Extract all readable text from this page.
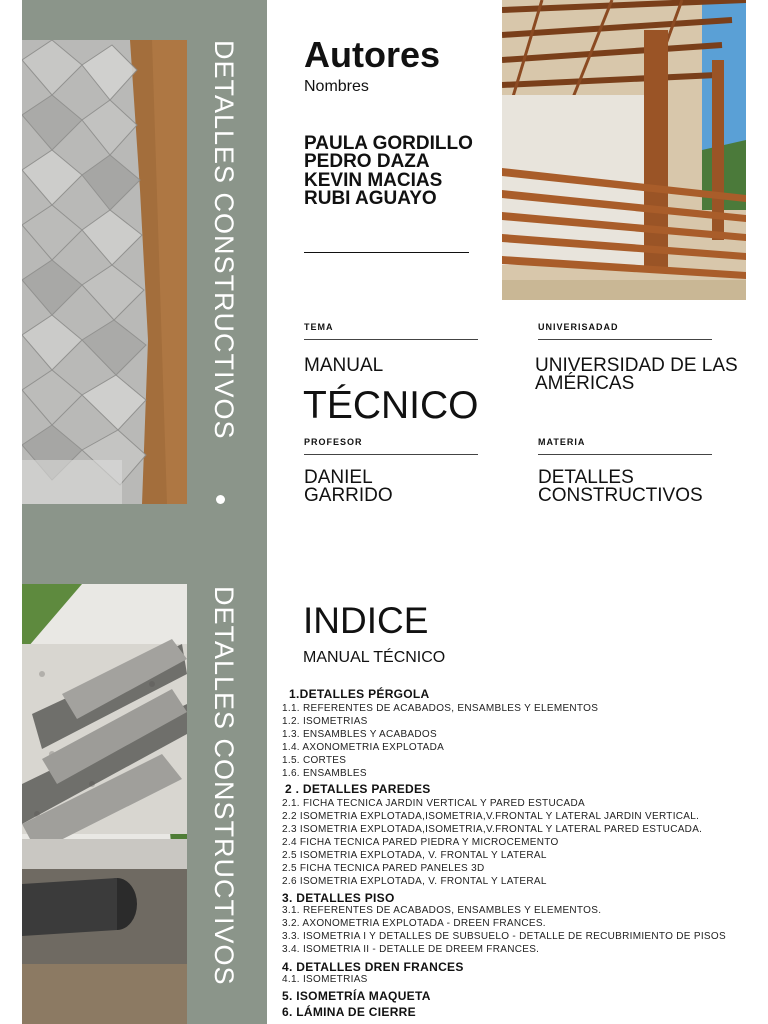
DETALLES CONSTRUCTIVOS
DETALLES CONSTRUCTIVOS
Autores
Nombres
PAULA GORDILLO
PEDRO DAZA
KEVIN MACIAS
RUBI AGUAYO
TEMA
MANUAL
TÉCNICO
UNIVERISADAD
UNIVERSIDAD DE LAS AMÉRICAS
PROFESOR
DANIEL GARRIDO
MATERIA
DETALLES CONSTRUCTIVOS
INDICE
MANUAL TÉCNICO
1.DETALLES PÉRGOLA
1.1. REFERENTES DE ACABADOS, ENSAMBLES Y ELEMENTOS
1.2. ISOMETRIAS
1.3. ENSAMBLES Y ACABADOS
1.4. AXONOMETRIA EXPLOTADA
1.5. CORTES
1.6. ENSAMBLES
2 . DETALLES PAREDES
2.1. FICHA TECNICA JARDIN VERTICAL Y PARED ESTUCADA
2.2 ISOMETRIA EXPLOTADA,ISOMETRIA,V.FRONTAL Y LATERAL JARDIN VERTICAL.
2.3 ISOMETRIA EXPLOTADA,ISOMETRIA,V.FRONTAL Y LATERAL PARED ESTUCADA.
2.4 FICHA TECNICA PARED PIEDRA Y MICROCEMENTO
2.5 ISOMETRIA EXPLOTADA, V. FRONTAL Y LATERAL
2.5 FICHA TECNICA PARED PANELES 3D
2.6 ISOMETRIA EXPLOTADA, V. FRONTAL Y LATERAL
3. DETALLES PISO
3.1. REFERENTES DE ACABADOS, ENSAMBLES Y ELEMENTOS.
3.2. AXONOMETRIA EXPLOTADA - DREEN FRANCES.
3.3. ISOMETRIA I Y DETALLES DE SUBSUELO - DETALLE DE RECUBRIMIENTO DE PISOS
3.4. ISOMETRIA II - DETALLE DE DREEM FRANCES.
4. DETALLES DREN FRANCES
4.1. ISOMETRIAS
5. ISOMETRÍA MAQUETA
6. LÁMINA DE CIERRE
